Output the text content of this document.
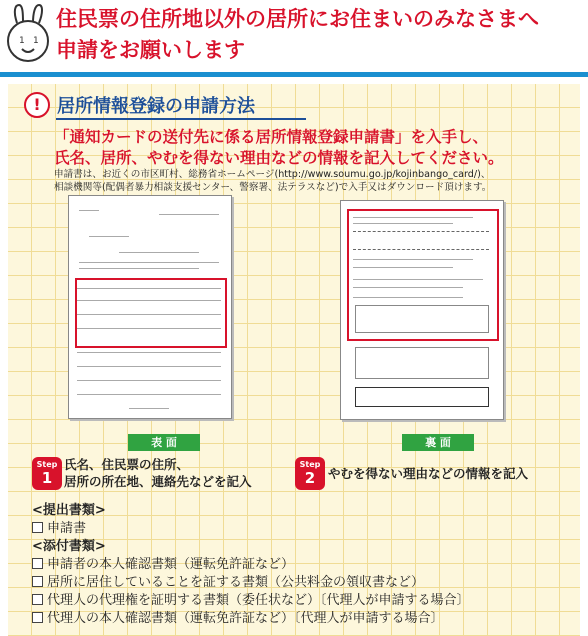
1 1
住民票の住所地以外の居所にお住まいのみなさまへ
申請をお願いします
! 居所情報登録の申請方法
「通知カードの送付先に係る居所情報登録申請書」を入手し、
氏名、居所、やむを得ない理由などの情報を記入してください。
申請書は、お近くの市区町村、総務省ホームページ(http://www.soumu.go.jp/kojinbango_card/)、
相談機関等(配偶者暴力相談支援センター、警察署、法テラスなど)で入手又はダウンロード頂けます。
表 面	裏 面
Step
1
氏名、住民票の住所、
居所の所在地、連絡先などを記入
Step
2	やむを得ない理由などの情報を記入
<提出書類>
申請書
<添付書類>
申請者の本人確認書類（運転免許証など）
居所に居住していることを証する書類（公共料金の領収書など）
代理人の代理権を証明する書類（委任状など）〔代理人が申請する場合〕
代理人の本人確認書類（運転免許証など）〔代理人が申請する場合〕
